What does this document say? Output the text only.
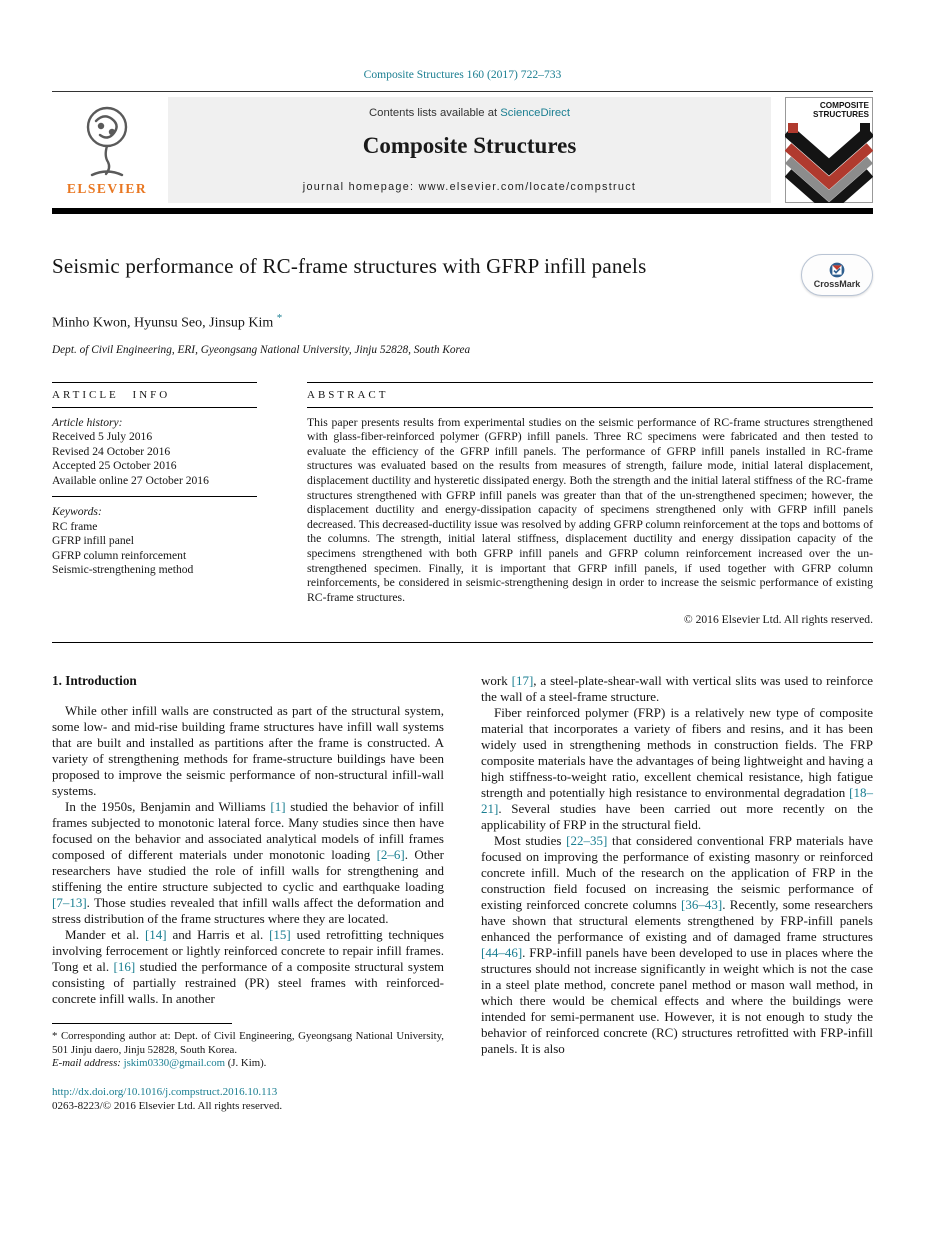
Composite Structures 160 (2017) 722–733
ELSEVIER
Contents lists available at ScienceDirect
Composite Structures
journal homepage: www.elsevier.com/locate/compstruct
COMPOSITE
STRUCTURES
Seismic performance of RC-frame structures with GFRP infill panels
CrossMark
Minho Kwon, Hyunsu Seo, Jinsup Kim *
Dept. of Civil Engineering, ERI, Gyeongsang National University, Jinju 52828, South Korea
ARTICLE INFO

Article history:

Received 5 July 2016

Revised 24 October 2016

Accepted 25 October 2016

Available online 27 October 2016

Keywords:

RC frame

GFRP infill panel

GFRP column reinforcement

Seismic-strengthening method

ABSTRACT

This paper presents results from experimental studies on the seismic performance of RC-frame structures strengthened with glass-fiber-reinforced polymer (GFRP) infill panels. Three RC specimens were fabricated and then tested to evaluate the efficiency of the GFRP infill panels. The performance of GFRP infill panels installed in RC-frame structures was evaluated based on the results from measures of strength, failure mode, initial lateral displacement, displacement ductility and hysteretic dissipated energy. Both the strength and the initial lateral stiffness of the RC-frame structures strengthened with GFRP infill panels was greater than that of the un-strengthened specimen; however, the displacement ductility and energy-dissipation capacity of specimens strengthened only with GFRP infill panels decreased. This decreased-ductility issue was resolved by adding GFRP column reinforcement at the tops and bottoms of the columns. The strength, initial lateral stiffness, displacement ductility and energy dissipation capacity of the specimens strengthened with both GFRP infill panels and GFRP column reinforcement increased over the un-strengthened specimen. Finally, it is important that GFRP infill panels, if used together with GFRP column reinforcements, be considered in seismic-strengthening design in order to increase the seismic performance of existing RC-frame structures.

© 2016 Elsevier Ltd. All rights reserved.

1. Introduction

While other infill walls are constructed as part of the structural system, some low- and mid-rise building frame structures have infill wall systems that are built and installed as partitions after the frame is constructed. A variety of strengthening methods for frame-structure buildings have been proposed to improve the seismic performance of non-structural infill-wall systems.

In the 1950s, Benjamin and Williams [1] studied the behavior of infill frames subjected to monotonic lateral force. Many studies since then have focused on the behavior and associated analytical models of infill frames composed of different materials under monotonic loading [2–6]. Other researchers have studied the role of infill walls for strengthening and stiffening the entire structure subjected to cyclic and earthquake loading [7–13]. Those studies revealed that infill walls affect the deformation and stress distribution of the frame structures where they are located.

Mander et al. [14] and Harris et al. [15] used retrofitting techniques involving ferrocement or lightly reinforced concrete to repair infill frames. Tong et al. [16] studied the performance of a composite structural system consisting of partially restrained (PR) steel frames with reinforced-concrete infill walls. In another

* Corresponding author at: Dept. of Civil Engineering, Gyeongsang National University, 501 Jinju daero, Jinju 52828, South Korea.

E-mail address: jskim0330@gmail.com (J. Kim).

http://dx.doi.org/10.1016/j.compstruct.2016.10.113
0263-8223/© 2016 Elsevier Ltd. All rights reserved.

work [17], a steel-plate-shear-wall with vertical slits was used to reinforce the wall of a steel-frame structure.

Fiber reinforced polymer (FRP) is a relatively new type of composite material that incorporates a variety of fibers and resins, and it has been widely used in strengthening methods in construction fields. The FRP composite materials have the advantages of being lightweight and having a high stiffness-to-weight ratio, excellent chemical resistance, high fatigue strength and potentially high resistance to environmental degradation [18–21]. Several studies have been carried out more recently on the applicability of FRP in the structural field.

Most studies [22–35] that considered conventional FRP materials have focused on improving the performance of existing masonry or reinforced concrete infill. Much of the research on the application of FRP in the construction field focused on increasing the seismic performance of existing reinforced concrete columns [36–43]. Recently, some researchers have shown that structural elements strengthened by FRP-infill panels enhanced the performance of existing and of damaged frame structures [44–46]. FRP-infill panels have been developed to use in places where the structures should not increase significantly in weight which is not the case in a steel plate method, concrete panel method or mason wall method, in which there would be chemical effects and where the buildings were intended for semi-permanent use. However, it is not enough to study the behavior of reinforced concrete (RC) structures retrofitted with FRP-infill panels. It is also
